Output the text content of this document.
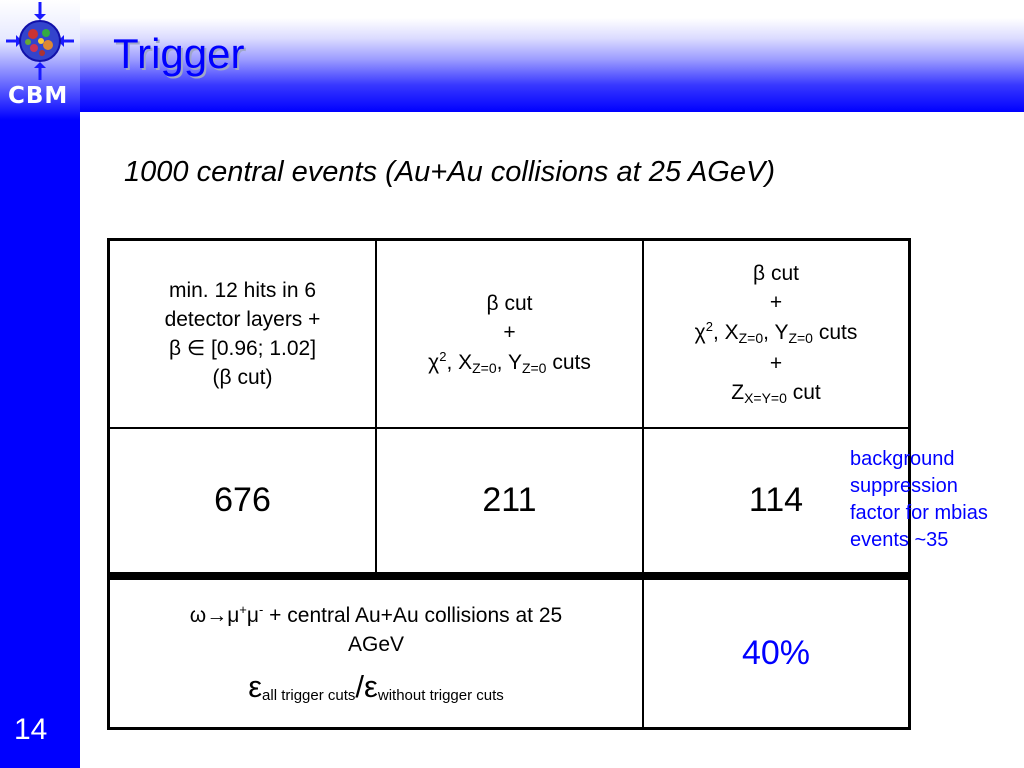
CBM
Trigger
1000 central events (Au+Au collisions at 25 AGeV)
min. 12 hits in 6
detector layers +
β ∈ [0.96; 1.02]
(β cut)
β cut
+
$\chi^2$, $X_{Z=0}$, $Y_{Z=0}$ cuts
β cut
+
$\chi^2$, $X_{Z=0}$, $Y_{Z=0}$ cuts
+
$Z_{X=Y=0}$ cut
676	211	114
ω→μ+μ- + central Au+Au collisions at 25
AGeV
εall trigger cuts/εwithout trigger cuts
40%
background
suppression
factor for mbias
events ~35
14
